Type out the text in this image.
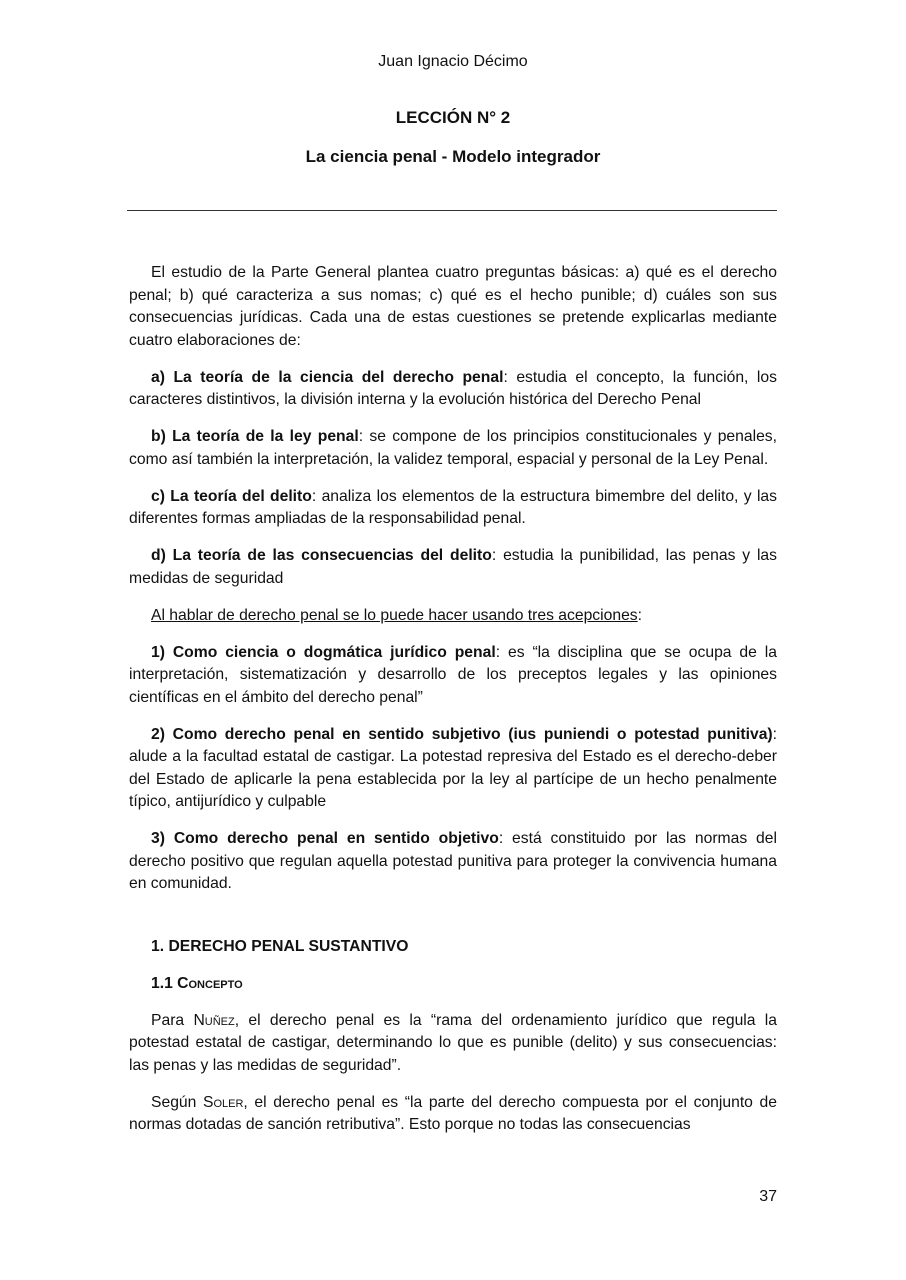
Juan Ignacio Décimo
LECCIÓN N° 2
La ciencia penal - Modelo integrador

El estudio de la Parte General plantea cuatro preguntas básicas: a) qué es el derecho penal; b) qué caracteriza a sus nomas; c) qué es el hecho punible; d) cuáles son sus consecuencias jurídicas. Cada una de estas cuestiones se pretende explicarlas mediante cuatro elaboraciones de:

a) La teoría de la ciencia del derecho penal: estudia el concepto, la función, los caracteres distintivos, la división interna y la evolución histórica del Derecho Penal

b) La teoría de la ley penal: se compone de los principios constitucionales y penales, como así también la interpretación, la validez temporal, espacial y personal de la Ley Penal.

c) La teoría del delito: analiza los elementos de la estructura bimembre del delito, y las diferentes formas ampliadas de la responsabilidad penal.

d) La teoría de las consecuencias del delito: estudia la punibilidad, las penas y las medidas de seguridad

Al hablar de derecho penal se lo puede hacer usando tres acepciones:

1) Como ciencia o dogmática jurídico penal: es “la disciplina que se ocupa de la interpretación, sistematización y desarrollo de los preceptos legales y las opiniones científicas en el ámbito del derecho penal”

2) Como derecho penal en sentido subjetivo (ius puniendi o potestad punitiva): alude a la facultad estatal de castigar. La potestad represiva del Estado es el derecho-deber del Estado de aplicarle la pena establecida por la ley al partícipe de un hecho penalmente típico, antijurídico y culpable

3) Como derecho penal en sentido objetivo: está constituido por las normas del derecho positivo que regulan aquella potestad punitiva para proteger la convivencia humana en comunidad.

1. DERECHO PENAL SUSTANTIVO

1.1 Concepto

Para Nuñez, el derecho penal es la “rama del ordenamiento jurídico que regula la potestad estatal de castigar, determinando lo que es punible (delito) y sus consecuencias: las penas y las medidas de seguridad”.

Según Soler, el derecho penal es “la parte del derecho compuesta por el conjunto de normas dotadas de sanción retributiva”. Esto porque no todas las consecuencias

37
